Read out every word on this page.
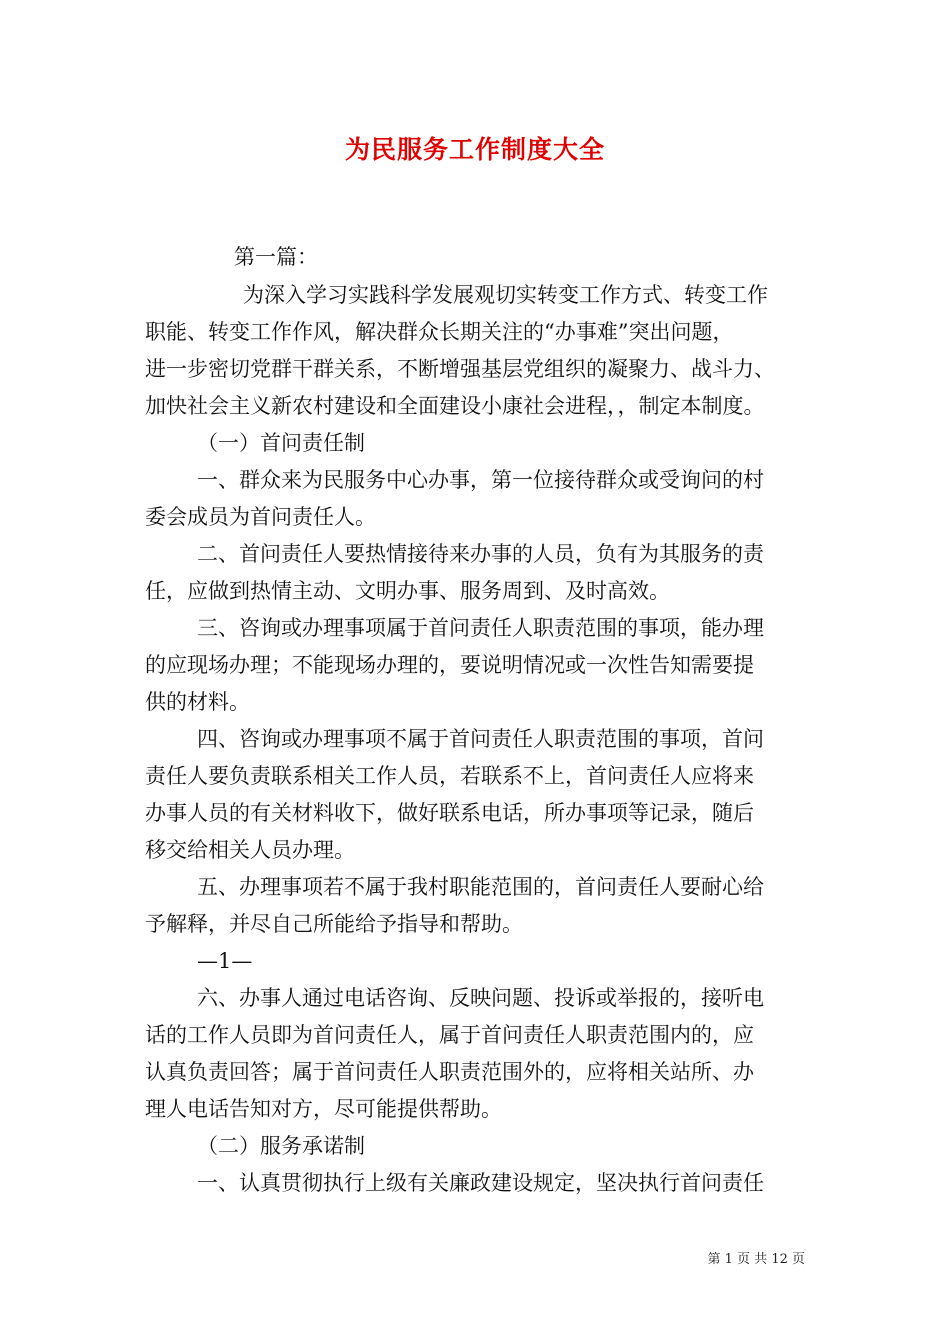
为民服务工作制度大全
第一篇：
为深入学习实践科学发展观切实转变工作方式、转变工作
职能、转变工作作风，解决群众长期关注的“办事难”突出问题，
进一步密切党群干群关系，不断增强基层党组织的凝聚力、战斗力、
加快社会主义新农村建设和全面建设小康社会进程，，制定本制度。
（一）首问责任制
一、群众来为民服务中心办事，第一位接待群众或受询问的村
委会成员为首问责任人。
二、首问责任人要热情接待来办事的人员，负有为其服务的责
任，应做到热情主动、文明办事、服务周到、及时高效。
三、咨询或办理事项属于首问责任人职责范围的事项，能办理
的应现场办理；不能现场办理的，要说明情况或一次性告知需要提
供的材料。
四、咨询或办理事项不属于首问责任人职责范围的事项，首问
责任人要负责联系相关工作人员，若联系不上，首问责任人应将来
办事人员的有关材料收下，做好联系电话，所办事项等记录，随后
移交给相关人员办理。
五、办理事项若不属于我村职能范围的，首问责任人要耐心给
予解释，并尽自己所能给予指导和帮助。
—1—
六、办事人通过电话咨询、反映问题、投诉或举报的，接听电
话的工作人员即为首问责任人，属于首问责任人职责范围内的，应
认真负责回答；属于首问责任人职责范围外的，应将相关站所、办
理人电话告知对方，尽可能提供帮助。
（二）服务承诺制
一、认真贯彻执行上级有关廉政建设规定，坚决执行首问责任
第 1 页 共 12 页
